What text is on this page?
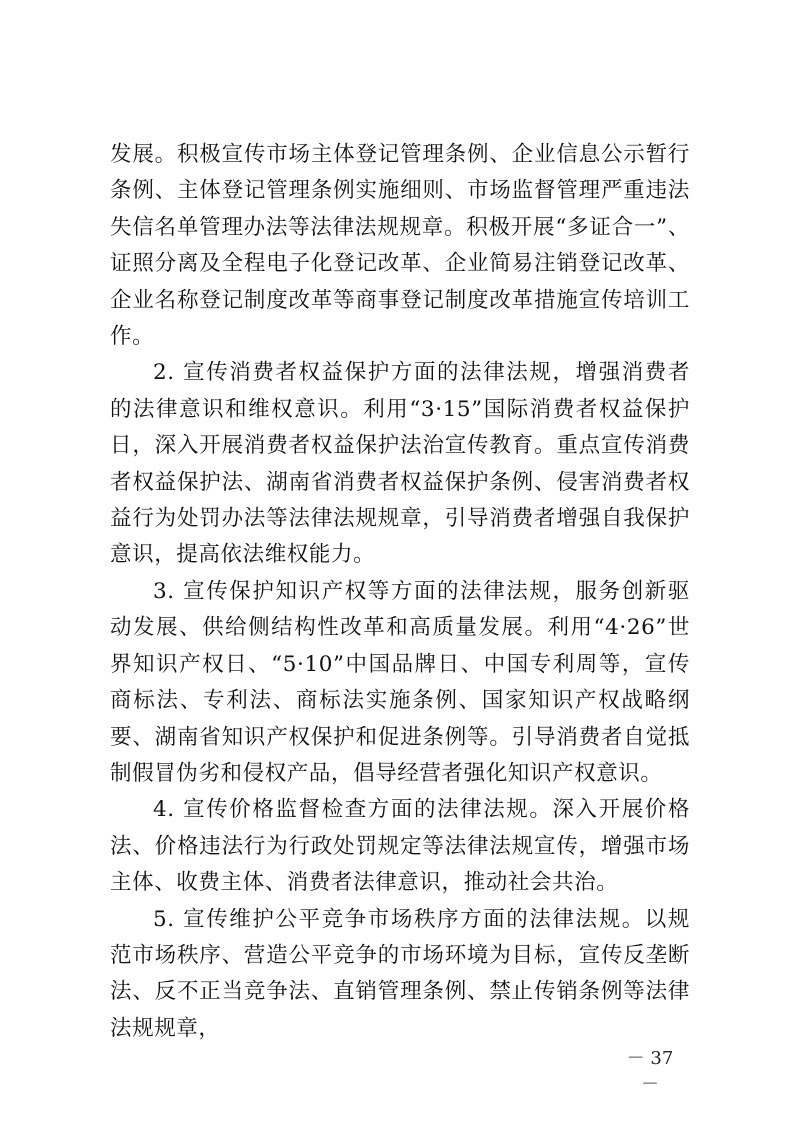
发展。积极宣传市场主体登记管理条例、企业信息公示暂行条例、主体登记管理条例实施细则、市场监督管理严重违法失信名单管理办法等法律法规规章。积极开展“多证合一”、证照分离及全程电子化登记改革、企业简易注销登记改革、企业名称登记制度改革等商事登记制度改革措施宣传培训工作。

2. 宣传消费者权益保护方面的法律法规，增强消费者的法律意识和维权意识。利用“3·15”国际消费者权益保护日，深入开展消费者权益保护法治宣传教育。重点宣传消费者权益保护法、湖南省消费者权益保护条例、侵害消费者权益行为处罚办法等法律法规规章，引导消费者增强自我保护意识，提高依法维权能力。

3. 宣传保护知识产权等方面的法律法规，服务创新驱动发展、供给侧结构性改革和高质量发展。利用“4·26”世界知识产权日、“5·10”中国品牌日、中国专利周等，宣传商标法、专利法、商标法实施条例、国家知识产权战略纲要、湖南省知识产权保护和促进条例等。引导消费者自觉抵制假冒伪劣和侵权产品，倡导经营者强化知识产权意识。

4. 宣传价格监督检查方面的法律法规。深入开展价格法、价格违法行为行政处罚规定等法律法规宣传，增强市场主体、收费主体、消费者法律意识，推动社会共治。

5. 宣传维护公平竞争市场秩序方面的法律法规。以规范市场秩序、营造公平竞争的市场环境为目标，宣传反垄断法、反不正当竞争法、直销管理条例、禁止传销条例等法律法规规章，

－ 37 －
